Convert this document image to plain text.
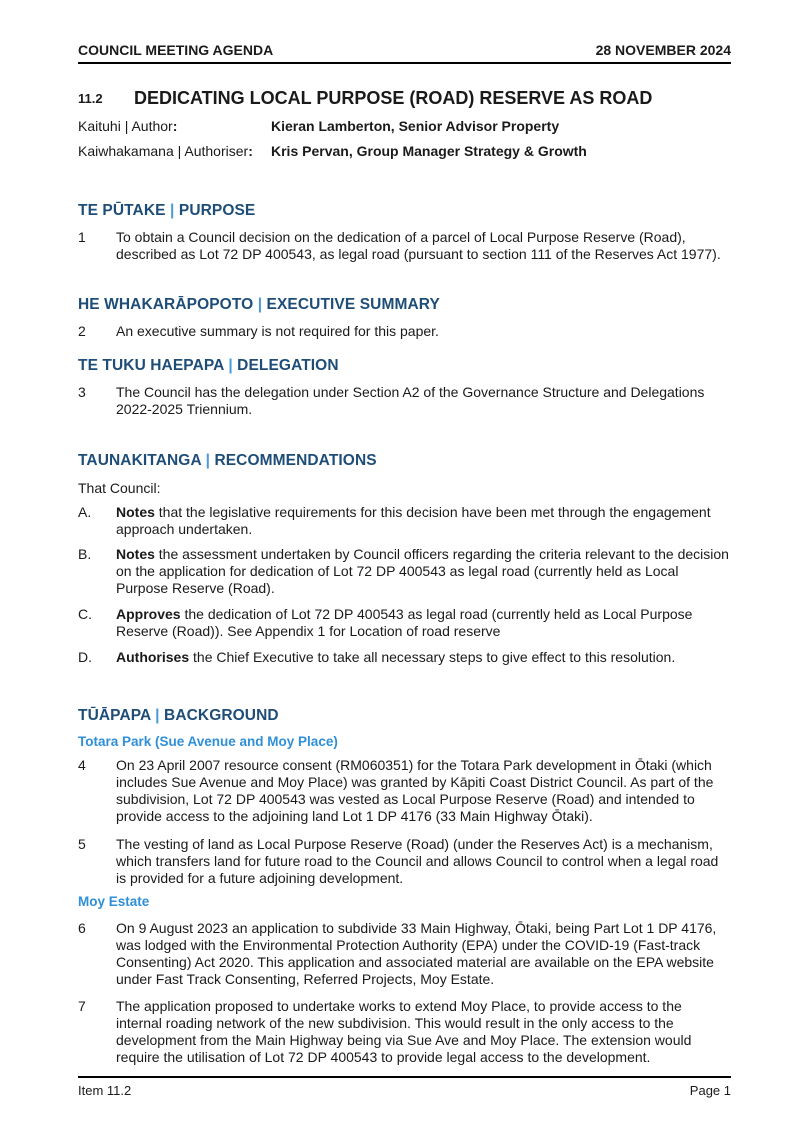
COUNCIL MEETING AGENDA	28 NOVEMBER 2024
11.2 DEDICATING LOCAL PURPOSE (ROAD) RESERVE AS ROAD
Kaituhi | Author:	Kieran Lamberton, Senior Advisor Property
Kaiwhakamana | Authoriser: Kris Pervan, Group Manager Strategy & Growth
TE PŪTAKE | PURPOSE
1 To obtain a Council decision on the dedication of a parcel of Local Purpose Reserve (Road), described as Lot 72 DP 400543, as legal road (pursuant to section 111 of the Reserves Act 1977).
HE WHAKARĀPOPOTO | EXECUTIVE SUMMARY
2 An executive summary is not required for this paper.
TE TUKU HAEPAPA | DELEGATION
3 The Council has the delegation under Section A2 of the Governance Structure and Delegations 2022-2025 Triennium.
TAUNAKITANGA | RECOMMENDATIONS
That Council:
A. Notes that the legislative requirements for this decision have been met through the engagement approach undertaken.
B. Notes the assessment undertaken by Council officers regarding the criteria relevant to the decision on the application for dedication of Lot 72 DP 400543 as legal road (currently held as Local Purpose Reserve (Road).
C. Approves the dedication of Lot 72 DP 400543 as legal road (currently held as Local Purpose Reserve (Road)). See Appendix 1 for Location of road reserve
D. Authorises the Chief Executive to take all necessary steps to give effect to this resolution.
TŪĀPAPA | BACKGROUND
Totara Park (Sue Avenue and Moy Place)
4 On 23 April 2007 resource consent (RM060351) for the Totara Park development in Ōtaki (which includes Sue Avenue and Moy Place) was granted by Kāpiti Coast District Council. As part of the subdivision, Lot 72 DP 400543 was vested as Local Purpose Reserve (Road) and intended to provide access to the adjoining land Lot 1 DP 4176 (33 Main Highway Ōtaki).
5 The vesting of land as Local Purpose Reserve (Road) (under the Reserves Act) is a mechanism, which transfers land for future road to the Council and allows Council to control when a legal road is provided for a future adjoining development.
Moy Estate
6 On 9 August 2023 an application to subdivide 33 Main Highway, Ōtaki, being Part Lot 1 DP 4176, was lodged with the Environmental Protection Authority (EPA) under the COVID-19 (Fast-track Consenting) Act 2020. This application and associated material are available on the EPA website under Fast Track Consenting, Referred Projects, Moy Estate.
7 The application proposed to undertake works to extend Moy Place, to provide access to the internal roading network of the new subdivision. This would result in the only access to the development from the Main Highway being via Sue Ave and Moy Place. The extension would require the utilisation of Lot 72 DP 400543 to provide legal access to the development.
Item 11.2	Page 1
